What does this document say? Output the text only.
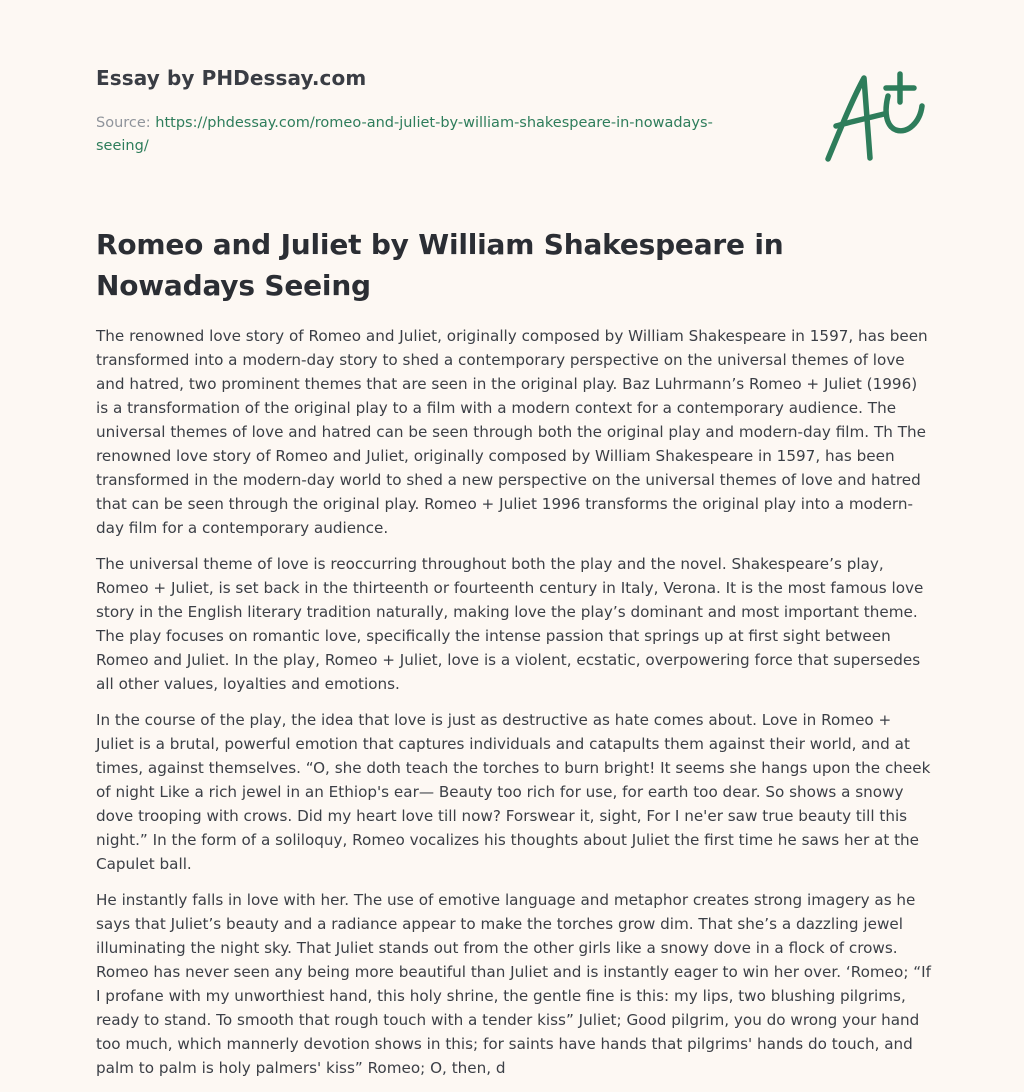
Essay by PHDessay.com
Source: https://phdessay.com/romeo-and-juliet-by-william-shakespeare-in-nowadays-seeing/
Romeo and Juliet by William Shakespeare in Nowadays Seeing

The renowned love story of Romeo and Juliet, originally composed by William Shakespeare in 1597, has been transformed into a modern-day story to shed a contemporary perspective on the universal themes of love and hatred, two prominent themes that are seen in the original play. Baz Luhrmann’s Romeo + Juliet (1996) is a transformation of the original play to a film with a modern context for a contemporary audience. The universal themes of love and hatred can be seen through both the original play and modern-day film. Th The renowned love story of Romeo and Juliet, originally composed by William Shakespeare in 1597, has been transformed in the modern-day world to shed a new perspective on the universal themes of love and hatred that can be seen through the original play. Romeo + Juliet 1996 transforms the original play into a modern-day film for a contemporary audience.

The universal theme of love is reoccurring throughout both the play and the novel. Shakespeare’s play, Romeo + Juliet, is set back in the thirteenth or fourteenth century in Italy, Verona. It is the most famous love story in the English literary tradition naturally, making love the play’s dominant and most important theme. The play focuses on romantic love, specifically the intense passion that springs up at first sight between Romeo and Juliet. In the play, Romeo + Juliet, love is a violent, ecstatic, overpowering force that supersedes all other values, loyalties and emotions.

In the course of the play, the idea that love is just as destructive as hate comes about. Love in Romeo + Juliet is a brutal, powerful emotion that captures individuals and catapults them against their world, and at times, against themselves. “O, she doth teach the torches to burn bright! It seems she hangs upon the cheek of night Like a rich jewel in an Ethiop's ear— Beauty too rich for use, for earth too dear. So shows a snowy dove trooping with crows. Did my heart love till now? Forswear it, sight, For I ne'er saw true beauty till this night.” In the form of a soliloquy, Romeo vocalizes his thoughts about Juliet the first time he saws her at the Capulet ball.

He instantly falls in love with her. The use of emotive language and metaphor creates strong imagery as he says that Juliet’s beauty and a radiance appear to make the torches grow dim. That she’s a dazzling jewel illuminating the night sky. That Juliet stands out from the other girls like a snowy dove in a flock of crows. Romeo has never seen any being more beautiful than Juliet and is instantly eager to win her over. ‘Romeo; “If I profane with my unworthiest hand, this holy shrine, the gentle fine is this: my lips, two blushing pilgrims, ready to stand. To smooth that rough touch with a tender kiss” Juliet; Good pilgrim, you do wrong your hand too much, which mannerly devotion shows in this; for saints have hands that pilgrims' hands do touch, and palm to palm is holy palmers' kiss” Romeo; O, then, d
